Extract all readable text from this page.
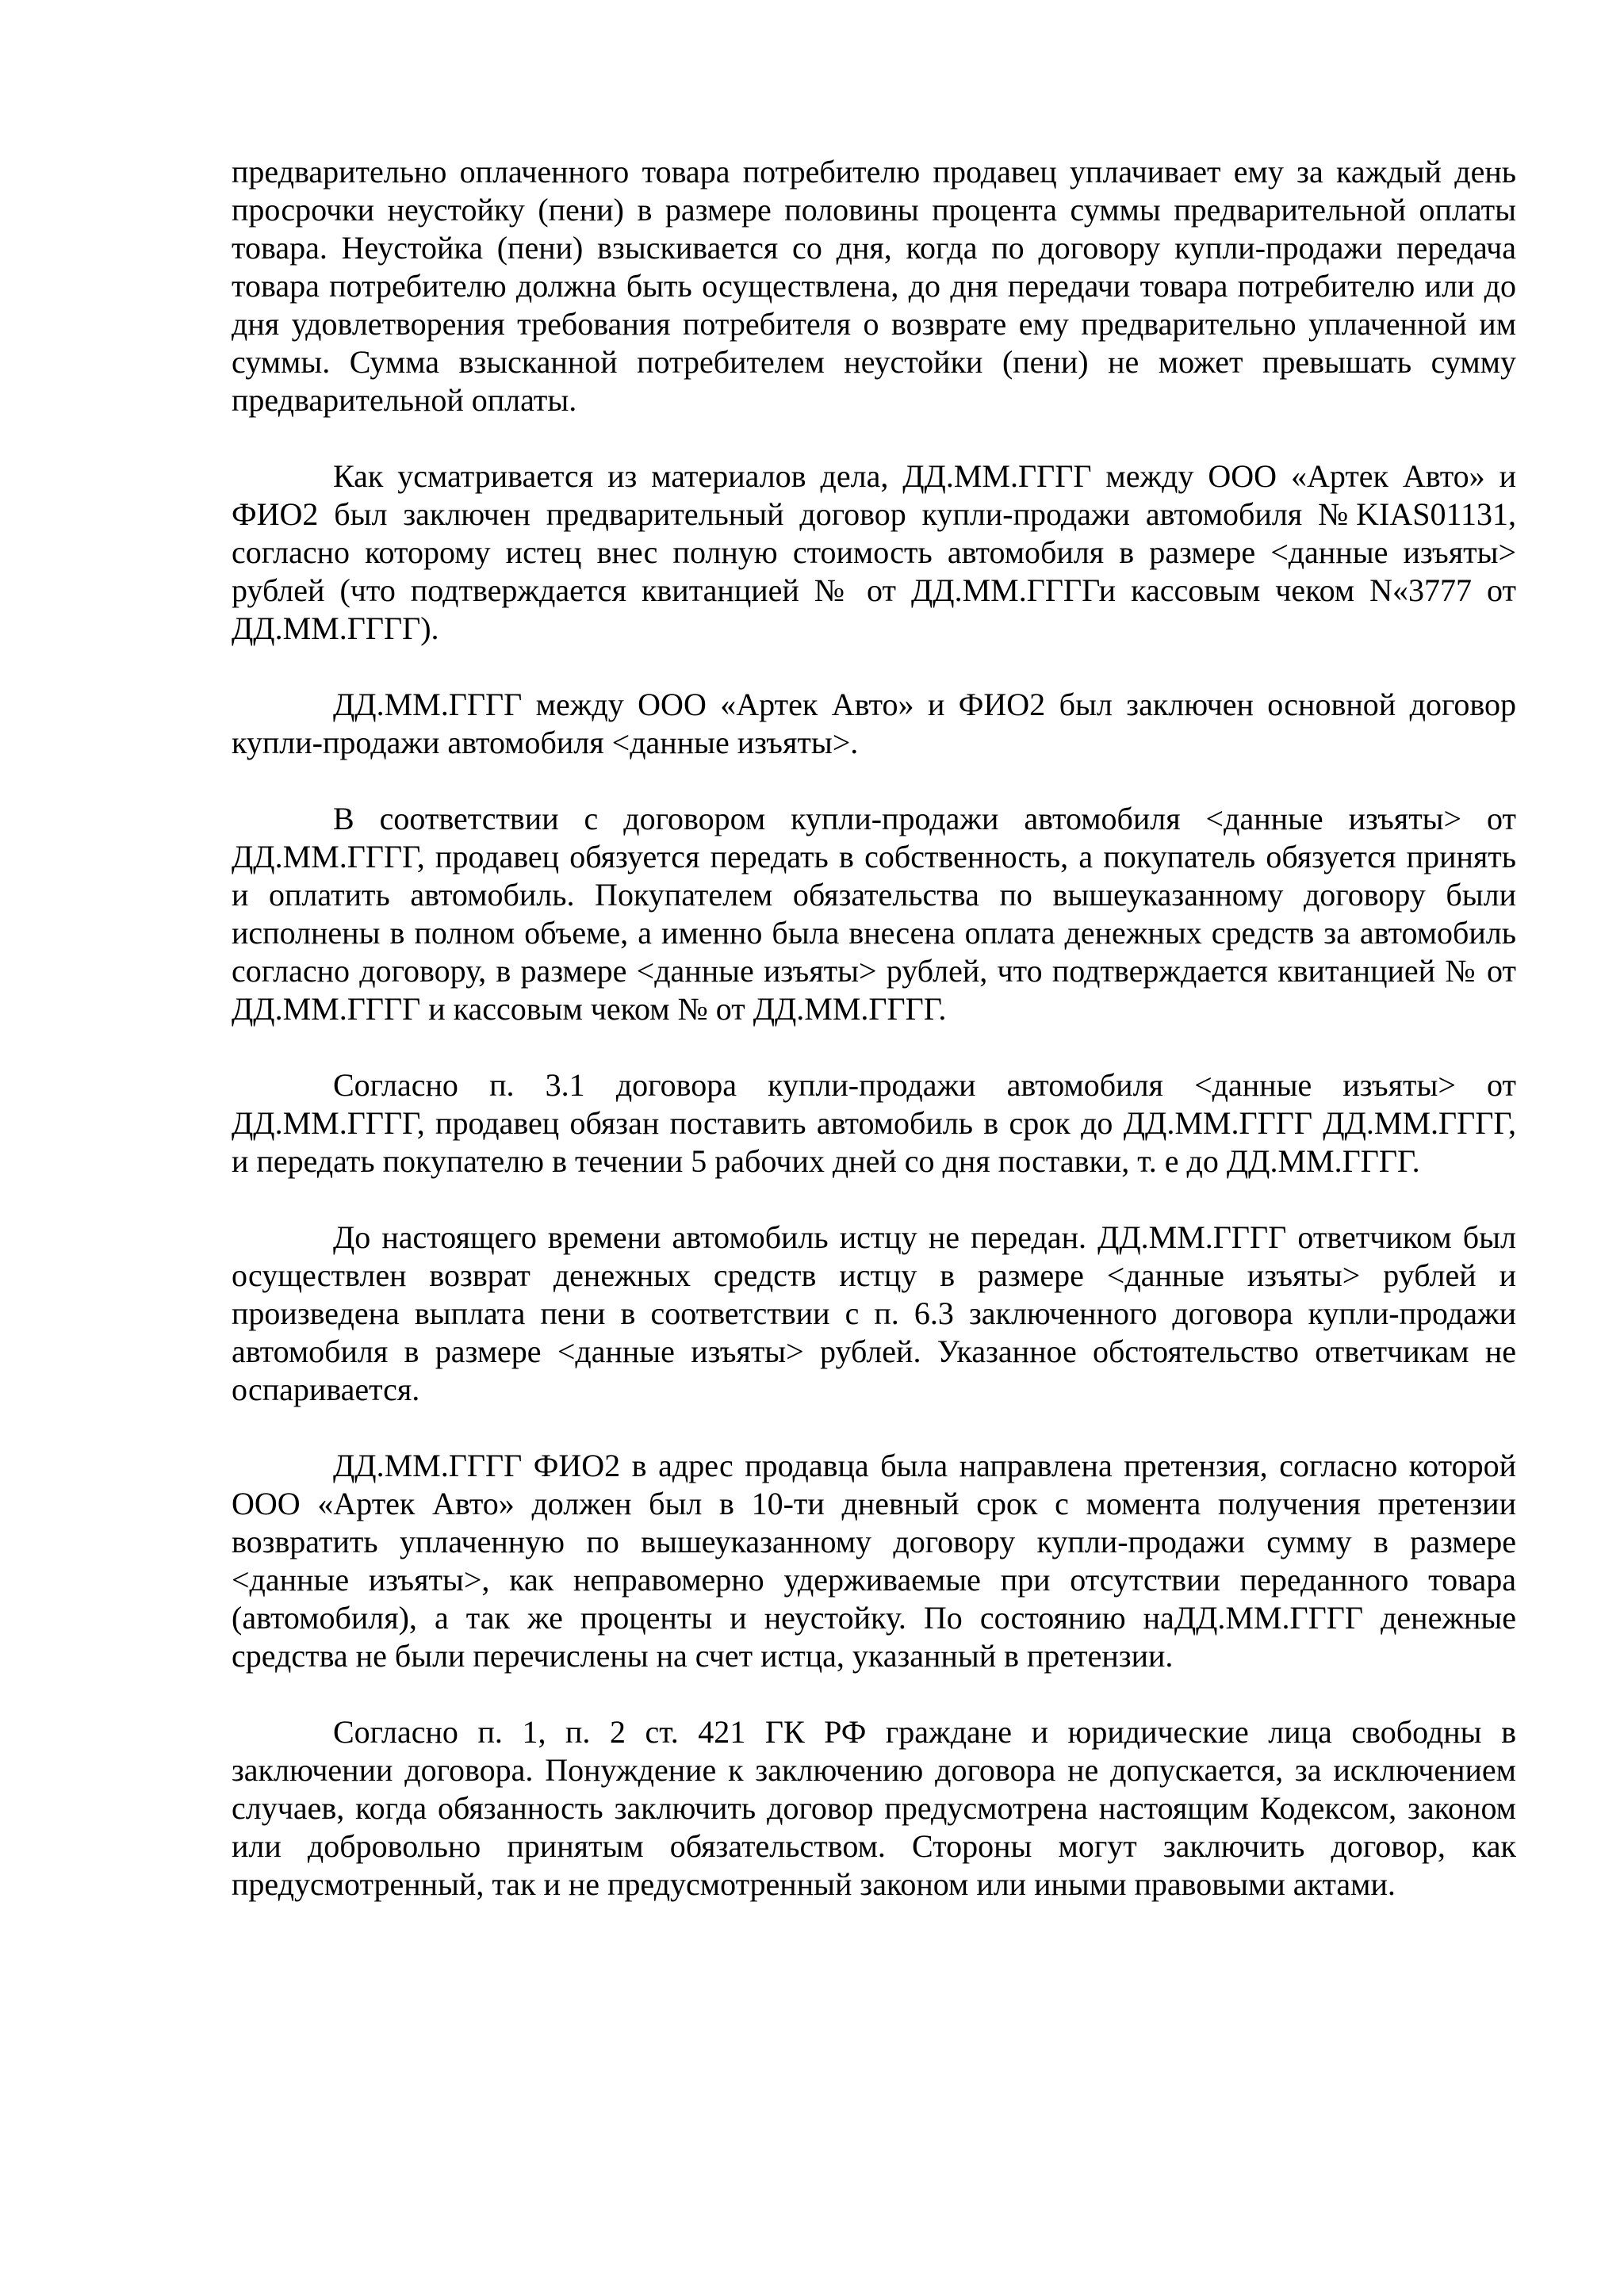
предварительно оплаченного товара потребителю продавец уплачивает ему за каждый день просрочки неустойку (пени) в размере половины процента суммы предварительной оплаты товара. Неустойка (пени) взыскивается со дня, когда по договору купли-продажи передача товара потребителю должна быть осуществлена, до дня передачи товара потребителю или до дня удовлетворения требования потребителя о возврате ему предварительно уплаченной им суммы. Сумма взысканной потребителем неустойки (пени) не может превышать сумму предварительной оплаты.

Как усматривается из материалов дела, ДД.ММ.ГГГГ между ООО «Артек Авто» и ФИО2 был заключен предварительный договор купли-продажи автомобиля №KIAS01131, согласно которому истец внес полную стоимость автомобиля в размере <данные изъяты> рублей (что подтверждается квитанцией № от ДД.ММ.ГГГГи кассовым чеком N«3777 от ДД.ММ.ГГГГ).

ДД.ММ.ГГГГ между ООО «Артек Авто» и ФИО2 был заключен основной договор купли-продажи автомобиля <данные изъяты>.

В соответствии с договором купли-продажи автомобиля <данные изъяты> от ДД.ММ.ГГГГ, продавец обязуется передать в собственность, а покупатель обязуется принять и оплатить автомобиль. Покупателем обязательства по вышеуказанному договору были исполнены в полном объеме, а именно была внесена оплата денежных средств за автомобиль согласно договору, в размере <данные изъяты> рублей, что подтверждается квитанцией № от ДД.ММ.ГГГГ и кассовым чеком № от ДД.ММ.ГГГГ.

Согласно п. 3.1 договора купли-продажи автомобиля <данные изъяты> от ДД.ММ.ГГГГ, продавец обязан поставить автомобиль в срок до ДД.ММ.ГГГГ ДД.ММ.ГГГГ, и передать покупателю в течении 5 рабочих дней со дня поставки, т. е до ДД.ММ.ГГГГ.

До настоящего времени автомобиль истцу не передан. ДД.ММ.ГГГГ ответчиком был осуществлен возврат денежных средств истцу в размере <данные изъяты> рублей и произведена выплата пени в соответствии с п. 6.3 заключенного договора купли-продажи автомобиля в размере <данные изъяты> рублей. Указанное обстоятельство ответчикам не оспаривается.

ДД.ММ.ГГГГ ФИО2 в адрес продавца была направлена претензия, согласно которой ООО «Артек Авто» должен был в 10-ти дневный срок с момента получения претензии возвратить уплаченную по вышеуказанному договору купли-продажи сумму в размере <данные изъяты>, как неправомерно удерживаемые при отсутствии переданного товара (автомобиля), а так же проценты и неустойку. По состоянию наДД.ММ.ГГГГ денежные средства не были перечислены на счет истца, указанный в претензии.

Согласно п. 1, п. 2 ст. 421 ГК РФ граждане и юридические лица свободны в заключении договора. Понуждение к заключению договора не допускается, за исключением случаев, когда обязанность заключить договор предусмотрена настоящим Кодексом, законом или добровольно принятым обязательством. Стороны могут заключить договор, как предусмотренный, так и не предусмотренный законом или иными правовыми актами.
